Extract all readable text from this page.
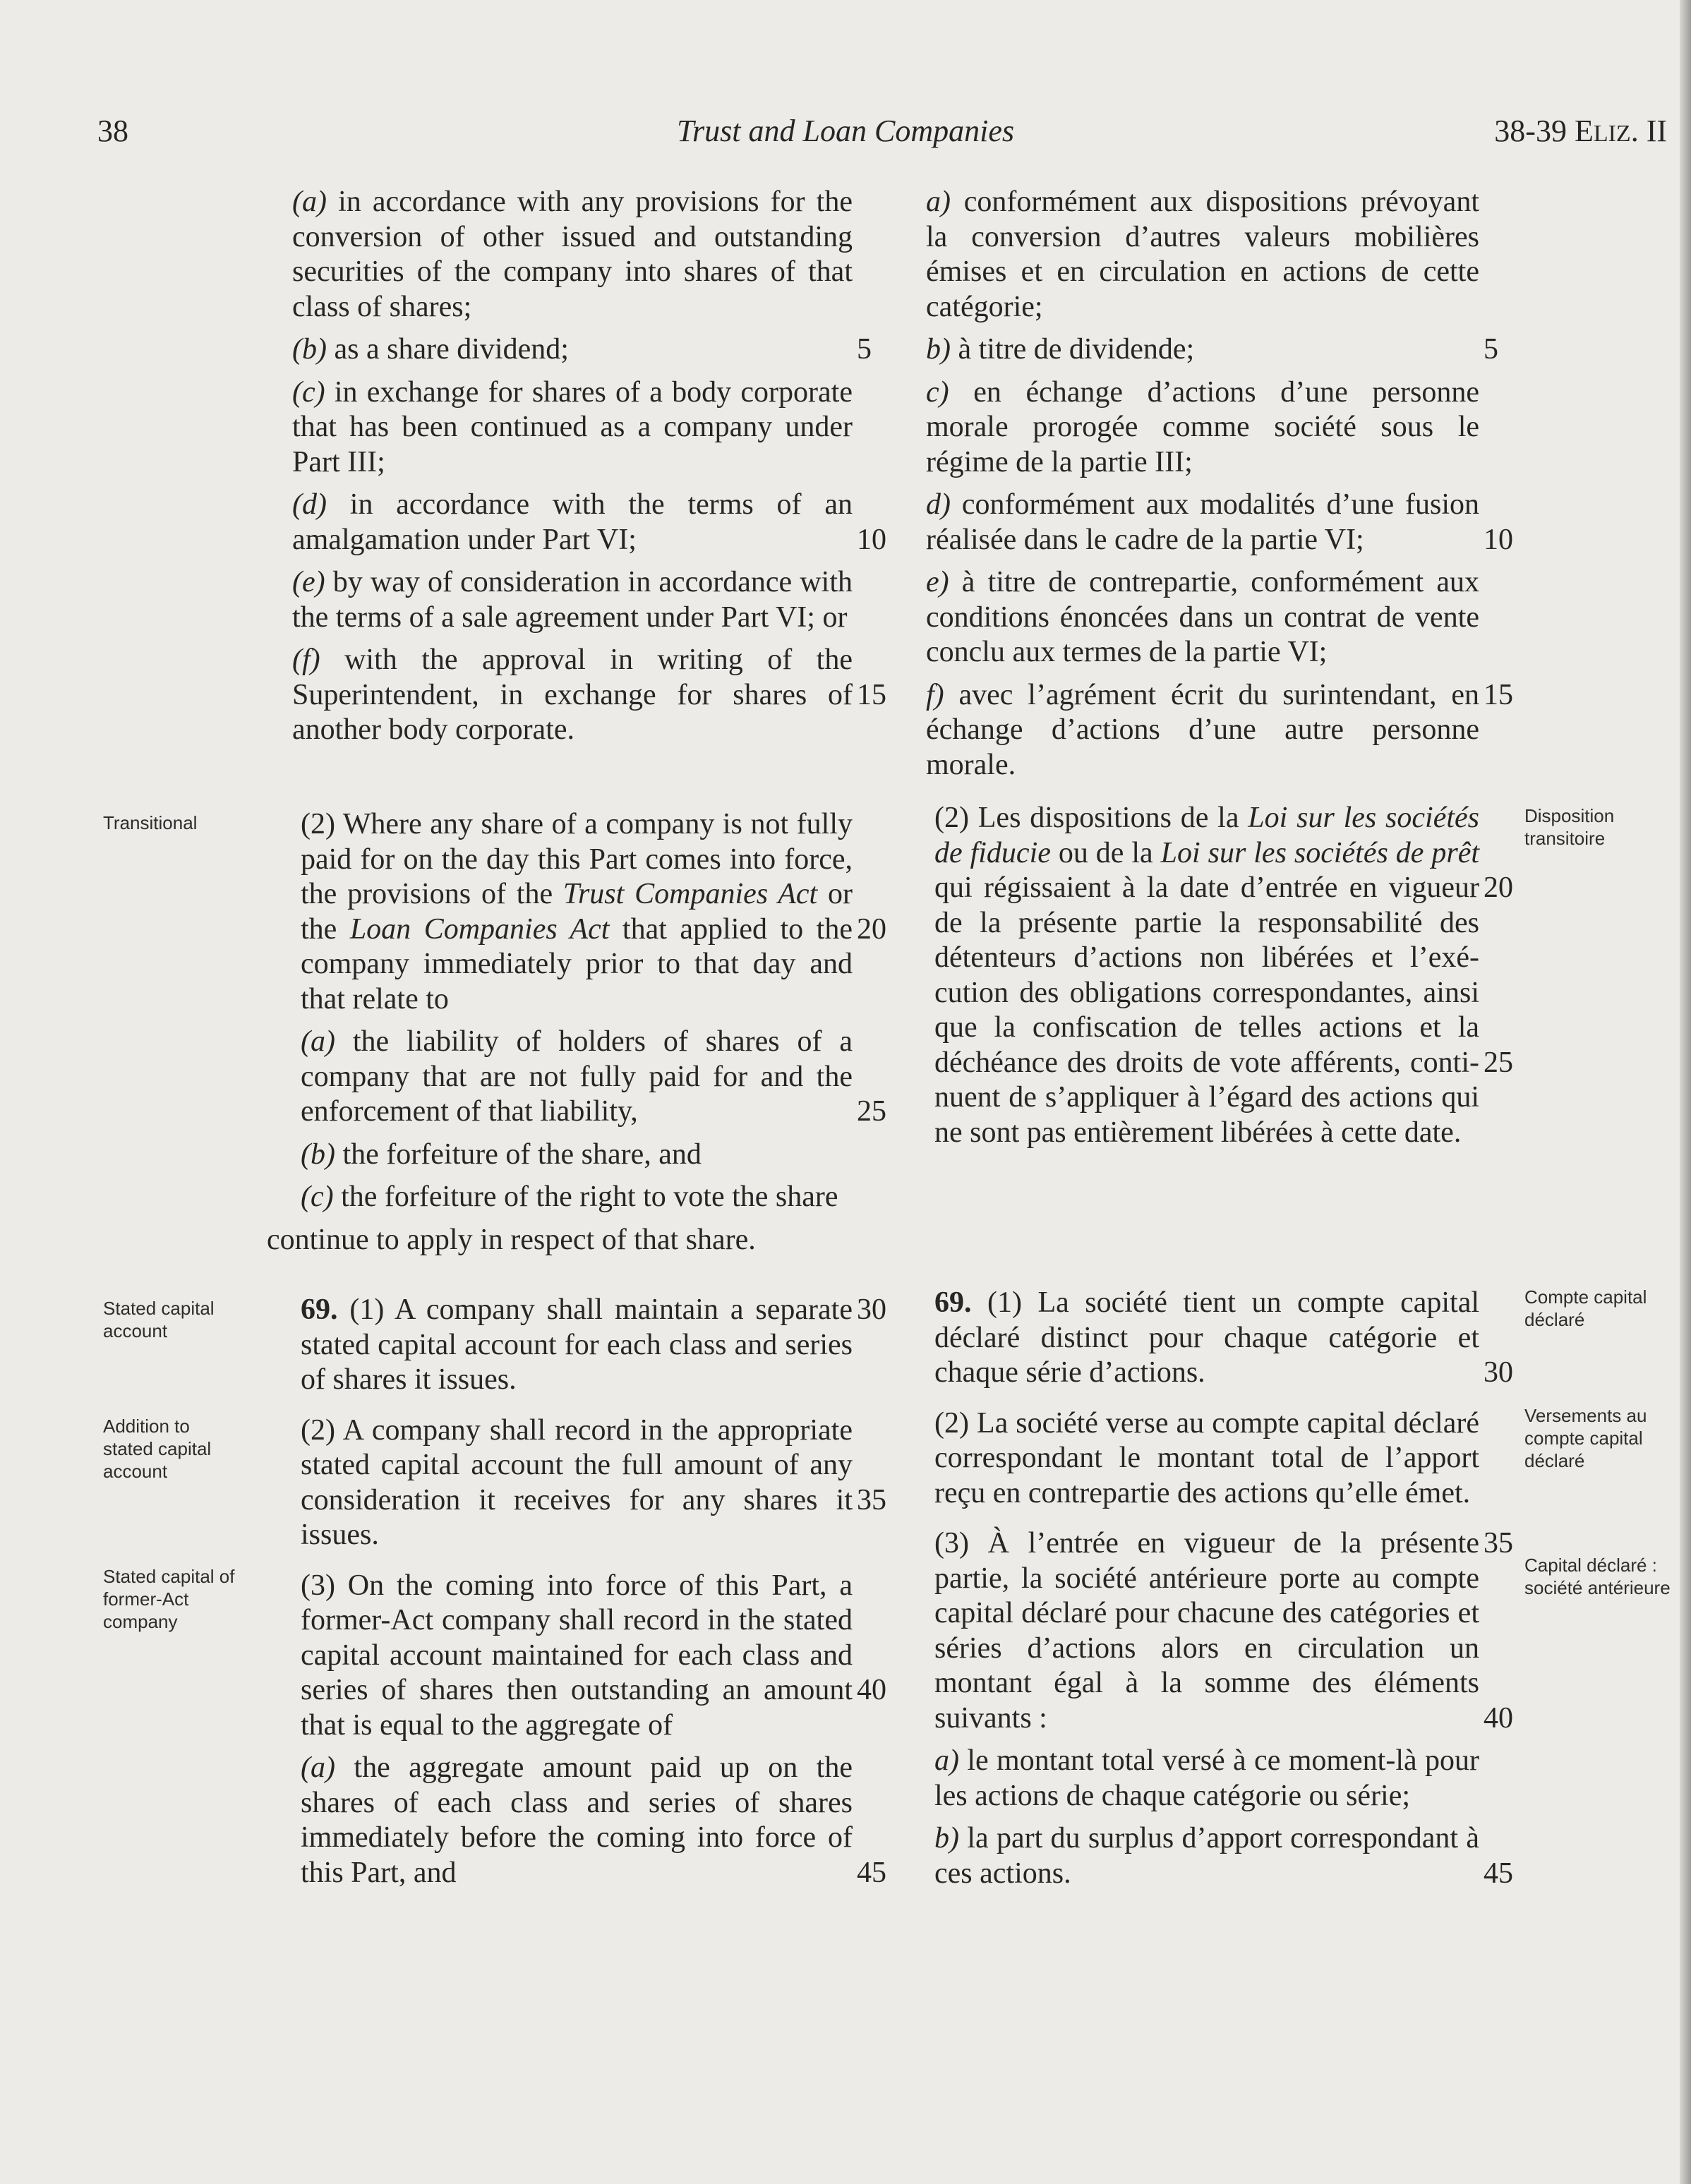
38	Trust and Loan Companies	38-39 ELIZ. II
Transitional
Stated capital account
Addition to stated capital account
Stated capital of former-Act company
Disposition transitoire
Compte capital déclaré
Versements au compte capital déclaré
Capital déclaré : société antérieure
(a) in accordance with any provisions for the conversion of other issued and outstanding securities of the company into shares of that class of shares;
5
(b) as a share dividend;
(c) in exchange for shares of a body corporate that has been continued as a company under Part III;
10
(d) in accordance with the terms of an amalgamation under Part VI;
(e) by way of consideration in accordance with the terms of a sale agreement under Part VI; or
15
(f) with the approval in writing of the Superintendent, in exchange for shares of another body corporate.
20
(2) Where any share of a company is not fully paid for on the day this Part comes into force, the provisions of the Trust Companies Act or the Loan Companies Act that applied to the company immediately prior to that day and that relate to
25
(a) the liability of holders of shares of a company that are not fully paid for and the enforcement of that liability,
(b) the forfeiture of the share, and
(c) the forfeiture of the right to vote the share
continue to apply in respect of that share.
30
69. (1) A company shall maintain a separate stated capital account for each class and series of shares it issues.
35
(2) A company shall record in the appropriate stated capital account the full amount of any consideration it receives for any shares it issues.
40
(3) On the coming into force of this Part, a former-Act company shall record in the stated capital account maintained for each class and series of shares then outstanding an amount that is equal to the aggregate of
45
(a) the aggregate amount paid up on the shares of each class and series of shares immediately before the coming into force of this Part, and
a) conformément aux dispositions prévoyant la conversion d’autres valeurs mobilières émises et en circulation en actions de cette catégorie;
5
b) à titre de dividende;
c) en échange d’actions d’une personne morale prorogée comme société sous le régime de la partie III;
10
d) conformément aux modalités d’une fusion réalisée dans le cadre de la partie VI;
e) à titre de contrepartie, conformément aux conditions énoncées dans un contrat de vente conclu aux termes de la partie VI;
15
f) avec l’agrément écrit du surintendant, en échange d’actions d’une autre personne morale.
20
25
(2) Les dispositions de la Loi sur les sociétés de fiducie ou de la Loi sur les sociétés de prêt qui régissaient à la date d’entrée en vigueur de la présente partie la responsabilité des détenteurs d’actions non libérées et l’exécution des obligations correspondantes, ainsi que la confiscation de telles actions et la déchéance des droits de vote afférents, continuent de s’appliquer à l’égard des actions qui ne sont pas entièrement libérées à cette date.
30
69. (1) La société tient un compte capital déclaré distinct pour chaque catégorie et chaque série d’actions.
(2) La société verse au compte capital déclaré correspondant le montant total de l’apport reçu en contrepartie des actions qu’elle émet.
35
40
(3) À l’entrée en vigueur de la présente partie, la société antérieure porte au compte capital déclaré pour chacune des catégories et séries d’actions alors en circulation un montant égal à la somme des éléments suivants :
a) le montant total versé à ce moment-là pour les actions de chaque catégorie ou série;
45
b) la part du surplus d’apport correspondant à ces actions.
